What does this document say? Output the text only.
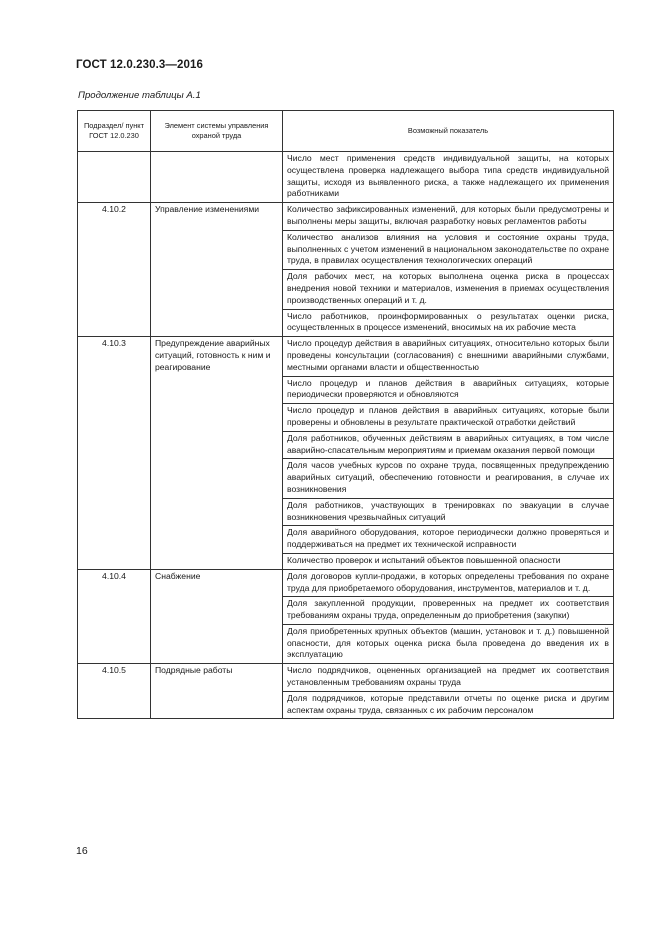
ГОСТ 12.0.230.3—2016
Продолжение таблицы А.1
Подраздел/ пункт ГОСТ 12.0.230	Элемент системы управления охраной труда	Возможный показатель
		Число мест применения средств индивидуальной защиты, на которых осуществлена проверка надлежащего выбора типа средств индивидуальной защиты, исходя из выявленного риска, а также надлежащего их применения работниками
4.10.2	Управление изменениями	Количество зафиксированных изменений, для которых были предусмотрены и выполнены меры защиты, включая разработку новых регламентов работы
		Количество анализов влияния на условия и состояние охраны труда, выполненных с учетом изменений в национальном законодательстве по охране труда, в правилах осуществления технологических операций
		Доля рабочих мест, на которых выполнена оценка риска в процессах внедрения новой техники и материалов, изменения в приемах осуществления производственных операций и т. д.
		Число работников, проинформированных о результатах оценки риска, осуществленных в процессе изменений, вносимых на их рабочие места
4.10.3	Предупреждение аварийных ситуаций, готовность к ним и реагирование	Число процедур действия в аварийных ситуациях, относительно которых были проведены консультации (согласования) с внешними аварийными службами, местными органами власти и общественностью
		Число процедур и планов действия в аварийных ситуациях, которые периодически проверяются и обновляются
		Число процедур и планов действия в аварийных ситуациях, которые были проверены и обновлены в результате практической отработки действий
		Доля работников, обученных действиям в аварийных ситуациях, в том числе аварийно-спасательным мероприятиям и приемам оказания первой помощи
		Доля часов учебных курсов по охране труда, посвященных предупреждению аварийных ситуаций, обеспечению готовности и реагирования, в случае их возникновения
		Доля работников, участвующих в тренировках по эвакуации в случае возникновения чрезвычайных ситуаций
		Доля аварийного оборудования, которое периодически должно проверяться и поддерживаться на предмет их технической исправности
		Количество проверок и испытаний объектов повышенной опасности
4.10.4	Снабжение	Доля договоров купли-продажи, в которых определены требования по охране труда для приобретаемого оборудования, инструментов, материалов и т. д.
		Доля закупленной продукции, проверенных на предмет их соответствия требованиям охраны труда, определенным до приобретения (закупки)
		Доля приобретенных крупных объектов (машин, установок и т. д.) повышенной опасности, для которых оценка риска была проведена до введения их в эксплуатацию
4.10.5	Подрядные работы	Число подрядчиков, оцененных организацией на предмет их соответствия установленным требованиям охраны труда
		Доля подрядчиков, которые представили отчеты по оценке риска и другим аспектам охраны труда, связанных с их рабочим персоналом
16
